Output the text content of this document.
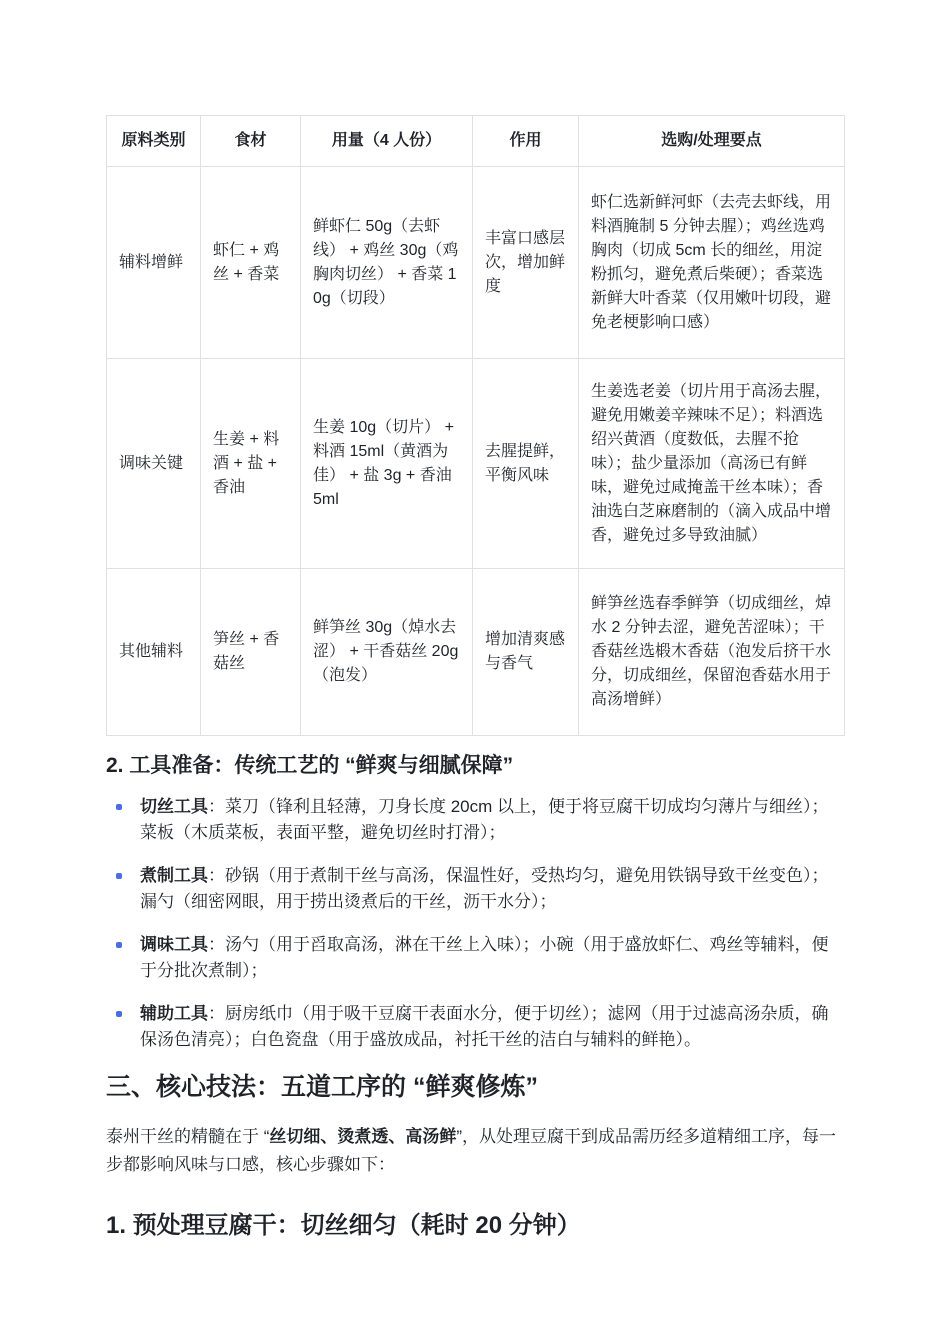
原料类别	食材	用量（4 人份）	作用	选购/处理要点
辅料增鲜	虾仁 + 鸡丝 + 香菜	鲜虾仁 50g（去虾线） + 鸡丝 30g（鸡胸肉切丝） + 香菜 10g（切段）	丰富口感层次，增加鲜度	虾仁选新鲜河虾（去壳去虾线，用料酒腌制 5 分钟去腥）；鸡丝选鸡胸肉（切成 5cm 长的细丝，用淀粉抓匀，避免煮后柴硬）；香菜选新鲜大叶香菜（仅用嫩叶切段，避免老梗影响口感）
调味关键	生姜 + 料酒 + 盐 + 香油	生姜 10g（切片） + 料酒 15ml（黄酒为佳） + 盐 3g + 香油 5ml	去腥提鲜，平衡风味	生姜选老姜（切片用于高汤去腥，避免用嫩姜辛辣味不足）；料酒选绍兴黄酒（度数低，去腥不抢味）；盐少量添加（高汤已有鲜味，避免过咸掩盖干丝本味）；香油选白芝麻磨制的（滴入成品中增香，避免过多导致油腻）
其他辅料	笋丝 + 香菇丝	鲜笋丝 30g（焯水去涩） + 干香菇丝 20g（泡发）	增加清爽感与香气	鲜笋丝选春季鲜笋（切成细丝，焯水 2 分钟去涩，避免苦涩味）；干香菇丝选椴木香菇（泡发后挤干水分，切成细丝，保留泡香菇水用于高汤增鲜）
2. 工具准备：传统工艺的 “鲜爽与细腻保障”
切丝工具：菜刀（锋利且轻薄，刀身长度 20cm 以上，便于将豆腐干切成均匀薄片与细丝）；菜板（木质菜板，表面平整，避免切丝时打滑）；
煮制工具：砂锅（用于煮制干丝与高汤，保温性好，受热均匀，避免用铁锅导致干丝变色）；漏勺（细密网眼，用于捞出烫煮后的干丝，沥干水分）；
调味工具：汤勺（用于舀取高汤，淋在干丝上入味）；小碗（用于盛放虾仁、鸡丝等辅料，便于分批次煮制）；
辅助工具：厨房纸巾（用于吸干豆腐干表面水分，便于切丝）；滤网（用于过滤高汤杂质，确保汤色清亮）；白色瓷盘（用于盛放成品，衬托干丝的洁白与辅料的鲜艳）。
三、核心技法：五道工序的 “鲜爽修炼”

泰州干丝的精髓在于 “丝切细、烫煮透、高汤鲜”，从处理豆腐干到成品需历经多道精细工序，每一步都影响风味与口感，核心步骤如下：

1. 预处理豆腐干：切丝细匀（耗时 20 分钟）
